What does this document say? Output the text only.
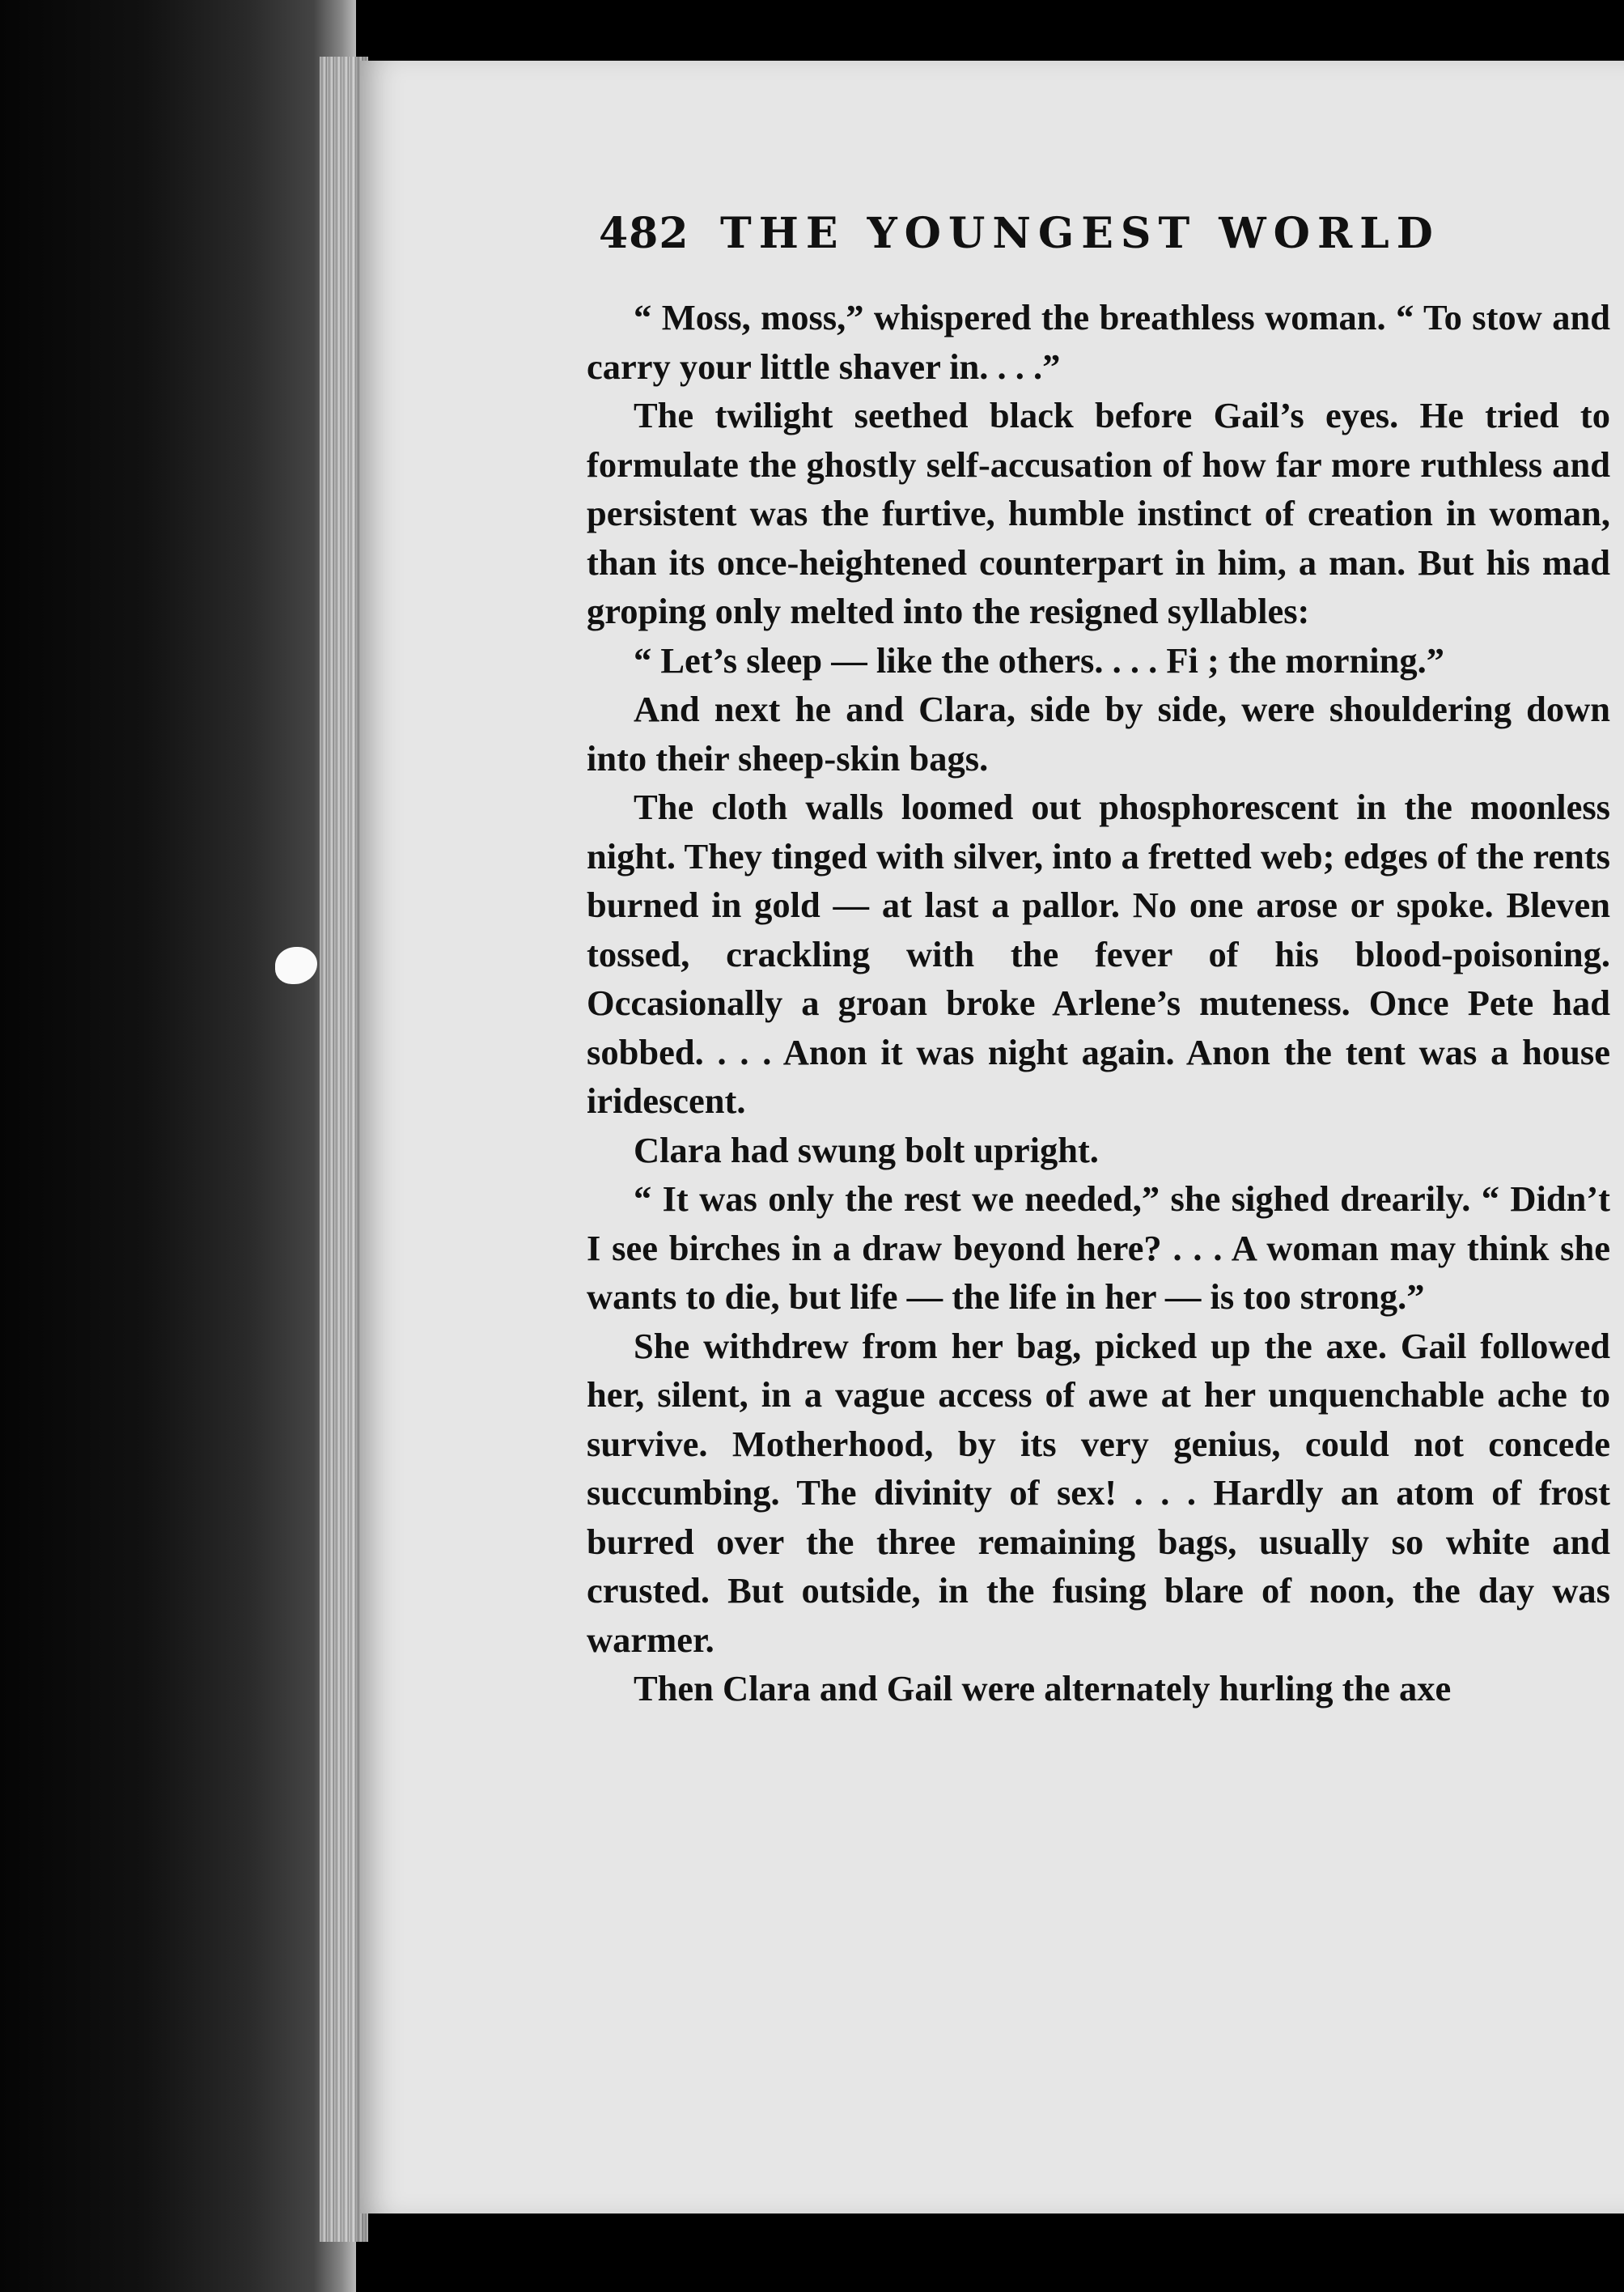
482 THE YOUNGEST WORLD

“ Moss, moss,” whispered the breathless woman. “ To stow and carry your little shaver in. . . .”

The twilight seethed black before Gail’s eyes. He tried to formulate the ghostly self-accusation of how far more ruthless and persistent was the furtive, humble instinct of creation in woman, than its once-heightened counterpart in him, a man. But his mad groping only melted into the resigned syllables:

“ Let’s sleep — like the others. . . . Fi ; the morning.”

And next he and Clara, side by side, were shouldering down into their sheep-skin bags.

The cloth walls loomed out phosphorescent in the moonless night. They tinged with silver, into a fretted web; edges of the rents burned in gold — at last a pallor. No one arose or spoke. Bleven tossed, crackling with the fever of his blood-poisoning. Occasionally a groan broke Arlene’s muteness. Once Pete had sobbed. . . . Anon it was night again. Anon the tent was a house iridescent.

Clara had swung bolt upright.

“ It was only the rest we needed,” she sighed drearily. “ Didn’t I see birches in a draw beyond here? . . . A woman may think she wants to die, but life — the life in her — is too strong.”

She withdrew from her bag, picked up the axe. Gail followed her, silent, in a vague access of awe at her unquenchable ache to survive. Motherhood, by its very genius, could not concede succumbing. The divinity of sex! . . . Hardly an atom of frost burred over the three remaining bags, usually so white and crusted. But outside, in the fusing blare of noon, the day was warmer.

Then Clara and Gail were alternately hurling the axe
